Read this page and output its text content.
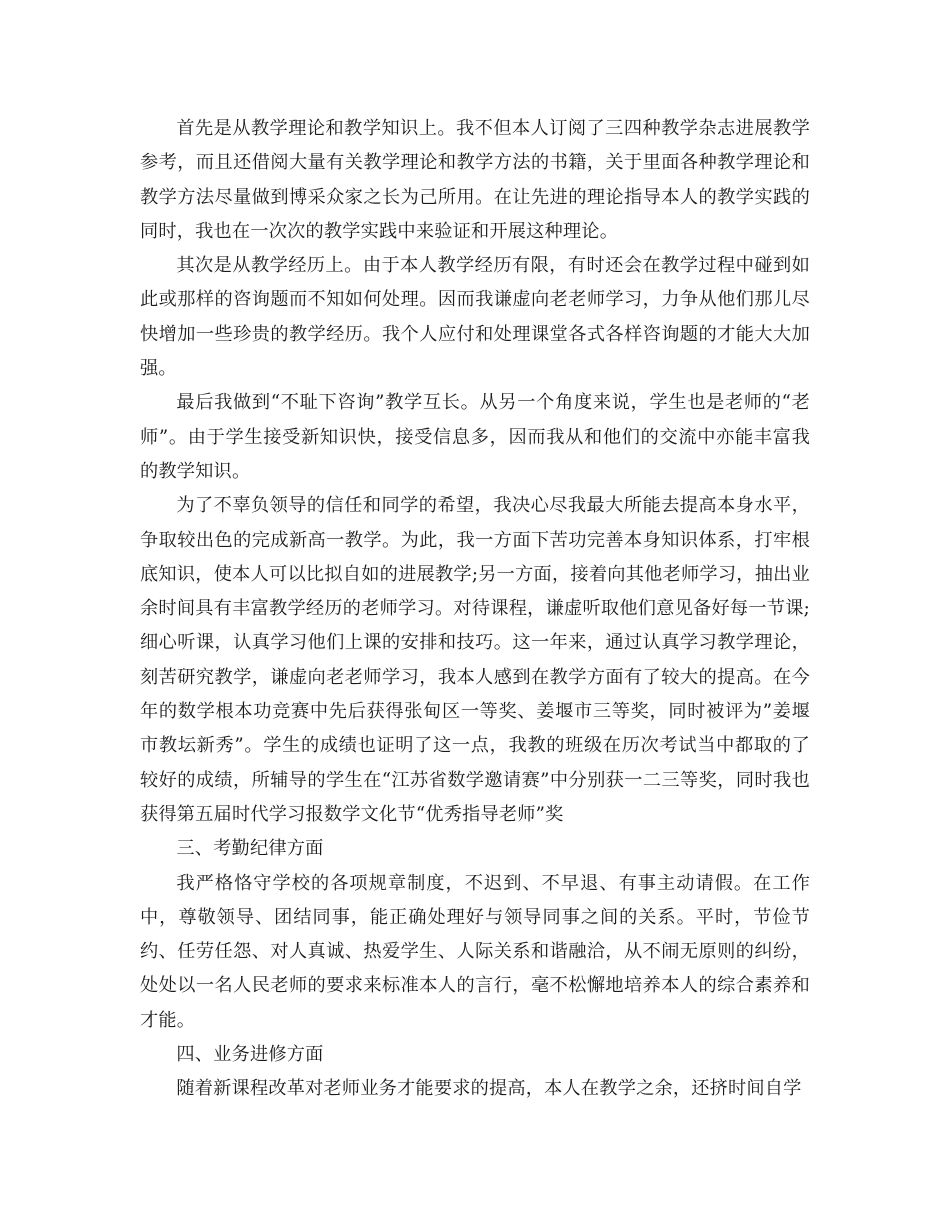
首先是从教学理论和教学知识上。我不但本人订阅了三四种教学杂志进展教学参考，而且还借阅大量有关教学理论和教学方法的书籍，关于里面各种教学理论和教学方法尽量做到博采众家之长为己所用。在让先进的理论指导本人的教学实践的同时，我也在一次次的教学实践中来验证和开展这种理论。

其次是从教学经历上。由于本人教学经历有限，有时还会在教学过程中碰到如此或那样的咨询题而不知如何处理。因而我谦虚向老老师学习，力争从他们那儿尽快增加一些珍贵的教学经历。我个人应付和处理课堂各式各样咨询题的才能大大加强。

最后我做到“不耻下咨询”教学互长。从另一个角度来说，学生也是老师的“老师”。由于学生接受新知识快，接受信息多，因而我从和他们的交流中亦能丰富我的教学知识。

为了不辜负领导的信任和同学的希望，我决心尽我最大所能去提高本身水平，争取较出色的完成新高一教学。为此，我一方面下苦功完善本身知识体系，打牢根底知识，使本人可以比拟自如的进展教学;另一方面，接着向其他老师学习，抽出业余时间具有丰富教学经历的老师学习。对待课程，谦虚听取他们意见备好每一节课;细心听课，认真学习他们上课的安排和技巧。这一年来，通过认真学习教学理论，刻苦研究教学，谦虚向老老师学习，我本人感到在教学方面有了较大的提高。在今年的数学根本功竞赛中先后获得张甸区一等奖、姜堰市三等奖，同时被评为”姜堰市教坛新秀”。学生的成绩也证明了这一点，我教的班级在历次考试当中都取的了较好的成绩，所辅导的学生在“江苏省数学邀请赛”中分别获一二三等奖，同时我也获得第五届时代学习报数学文化节“优秀指导老师”奖

三、考勤纪律方面

我严格恪守学校的各项规章制度，不迟到、不早退、有事主动请假。在工作中，尊敬领导、团结同事，能正确处理好与领导同事之间的关系。平时，节俭节约、任劳任怨、对人真诚、热爱学生、人际关系和谐融洽，从不闹无原则的纠纷，处处以一名人民老师的要求来标准本人的言行，毫不松懈地培养本人的综合素养和才能。

四、业务进修方面

随着新课程改革对老师业务才能要求的提高，本人在教学之余，还挤时间自学
